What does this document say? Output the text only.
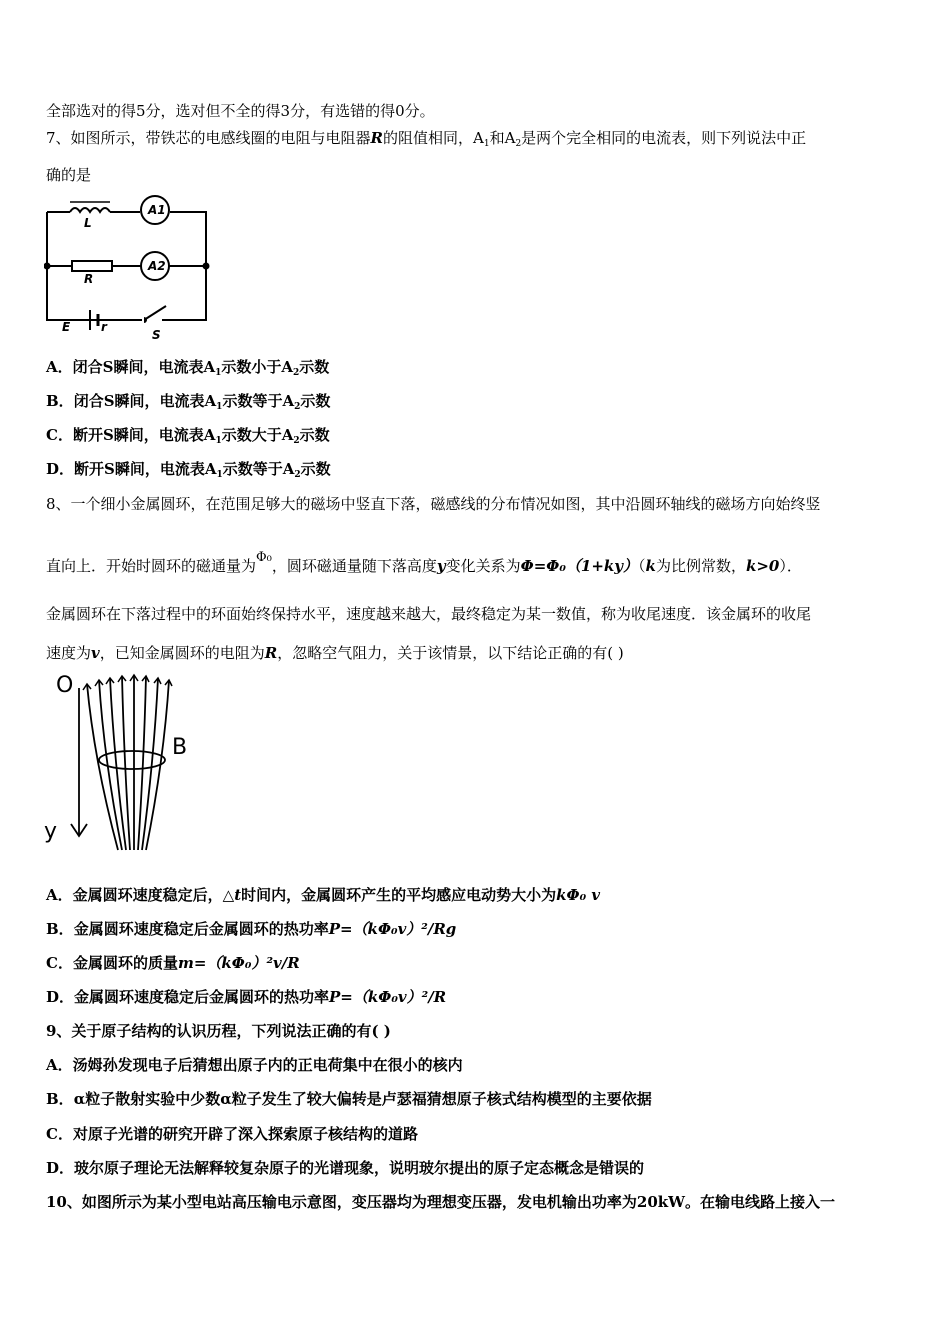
全部选对的得5分，选对但不全的得3分，有选错的得0分。
7、如图所示，带铁芯的电感线圈的电阻与电阻器R的阻值相同，$A_1$和$A_2$是两个完全相同的电流表，则下列说法中正
确的是
L
A1
R
A2
E	r
S
A．闭合S瞬间，电流表$A_1$示数小于$A_2$示数
B．闭合S瞬间，电流表$A_1$示数等于$A_2$示数
C．断开S瞬间，电流表$A_1$示数大于$A_2$示数
D．断开S瞬间，电流表$A_1$示数等于$A_2$示数
8、一个细小金属圆环，在范围足够大的磁场中竖直下落，磁感线的分布情况如图，其中沿圆环轴线的磁场方向始终竖
直向上．开始时圆环的磁通量为Φ₀，圆环磁通量随下落高度y变化关系为Φ=Φ₀（1+ky）（k为比例常数，k>0）．
金属圆环在下落过程中的环面始终保持水平，速度越来越大，最终稳定为某一数值，称为收尾速度．该金属环的收尾
速度为v，已知金属圆环的电阻为R，忽略空气阻力，关于该情景，以下结论正确的有( )
O
B
y
A．金属圆环速度稳定后，△t时间内，金属圆环产生的平均感应电动势大小为kΦ₀ v
B．金属圆环速度稳定后金属圆环的热功率P=（kΦ₀v）²/Rg
C．金属圆环的质量m=（kΦ₀）²v/R
D．金属圆环速度稳定后金属圆环的热功率P=（kΦ₀v）²/R
9、关于原子结构的认识历程，下列说法正确的有( )
A．汤姆孙发现电子后猜想出原子内的正电荷集中在很小的核内
B．α粒子散射实验中少数α粒子发生了较大偏转是卢瑟福猜想原子核式结构模型的主要依据
C．对原子光谱的研究开辟了深入探索原子核结构的道路
D．玻尔原子理论无法解释较复杂原子的光谱现象，说明玻尔提出的原子定态概念是错误的
10、如图所示为某小型电站高压输电示意图，变压器均为理想变压器，发电机输出功率为20kW。在输电线路上接入一
